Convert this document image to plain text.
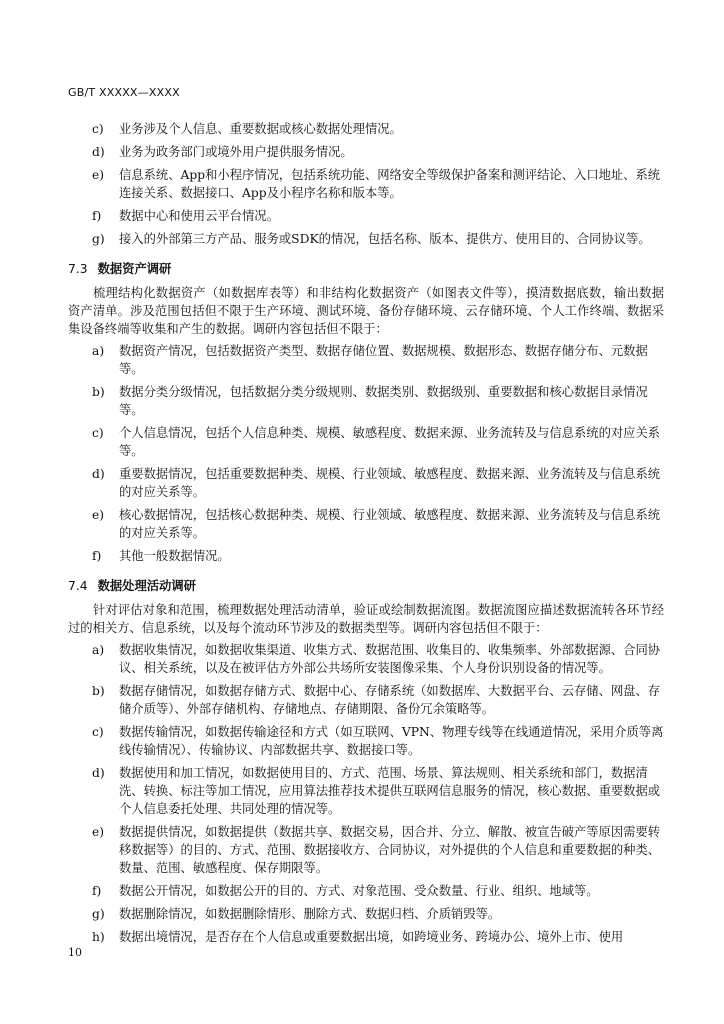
GB/T XXXXX—XXXX

c) 业务涉及个人信息、重要数据或核心数据处理情况。

d) 业务为政务部门或境外用户提供服务情况。

e) 信息系统、App和小程序情况，包括系统功能、网络安全等级保护备案和测评结论、入口地址、系统连接关系、数据接口、App及小程序名称和版本等。

f) 数据中心和使用云平台情况。

g) 接入的外部第三方产品、服务或SDK的情况，包括名称、版本、提供方、使用目的、合同协议等。

7.3 数据资产调研

梳理结构化数据资产（如数据库表等）和非结构化数据资产（如图表文件等），摸清数据底数，输出数据资产清单。涉及范围包括但不限于生产环境、测试环境、备份存储环境、云存储环境、个人工作终端、数据采集设备终端等收集和产生的数据。调研内容包括但不限于：

a) 数据资产情况，包括数据资产类型、数据存储位置、数据规模、数据形态、数据存储分布、元数据等。

b) 数据分类分级情况，包括数据分类分级规则、数据类别、数据级别、重要数据和核心数据目录情况等。

c) 个人信息情况，包括个人信息种类、规模、敏感程度、数据来源、业务流转及与信息系统的对应关系等。

d) 重要数据情况，包括重要数据种类、规模、行业领域、敏感程度、数据来源、业务流转及与信息系统的对应关系等。

e) 核心数据情况，包括核心数据种类、规模、行业领域、敏感程度、数据来源、业务流转及与信息系统的对应关系等。

f) 其他一般数据情况。

7.4 数据处理活动调研

针对评估对象和范围，梳理数据处理活动清单，验证或绘制数据流图。数据流图应描述数据流转各环节经过的相关方、信息系统，以及每个流动环节涉及的数据类型等。调研内容包括但不限于：

a) 数据收集情况，如数据收集渠道、收集方式、数据范围、收集目的、收集频率、外部数据源、合同协议、相关系统，以及在被评估方外部公共场所安装图像采集、个人身份识别设备的情况等。

b) 数据存储情况，如数据存储方式、数据中心、存储系统（如数据库、大数据平台、云存储、网盘、存储介质等）、外部存储机构、存储地点、存储期限、备份冗余策略等。

c) 数据传输情况，如数据传输途径和方式（如互联网、VPN、物理专线等在线通道情况，采用介质等离线传输情况）、传输协议、内部数据共享、数据接口等。

d) 数据使用和加工情况，如数据使用目的、方式、范围、场景、算法规则、相关系统和部门，数据清洗、转换、标注等加工情况，应用算法推荐技术提供互联网信息服务的情况，核心数据、重要数据或个人信息委托处理、共同处理的情况等。

e) 数据提供情况，如数据提供（数据共享、数据交易，因合并、分立、解散、被宣告破产等原因需要转移数据等）的目的、方式、范围、数据接收方、合同协议，对外提供的个人信息和重要数据的种类、数量、范围、敏感程度、保存期限等。

f) 数据公开情况，如数据公开的目的、方式、对象范围、受众数量、行业、组织、地域等。

g) 数据删除情况，如数据删除情形、删除方式、数据归档、介质销毁等。

h) 数据出境情况，是否存在个人信息或重要数据出境，如跨境业务、跨境办公、境外上市、使用

10
